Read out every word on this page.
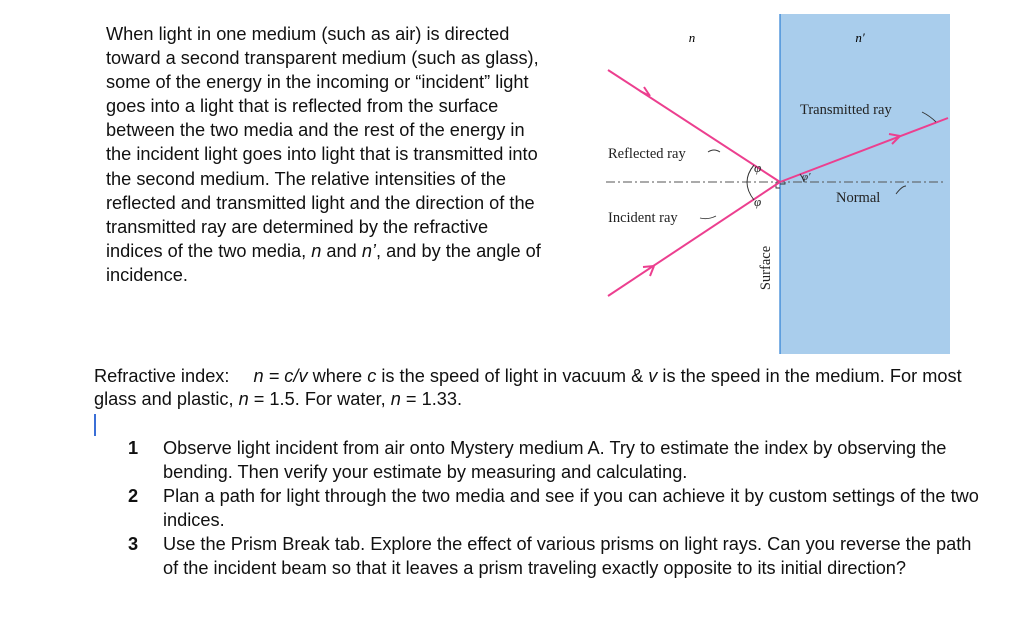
When light in one medium (such as air) is directed toward a second transparent medium (such as glass), some of the energy in the incoming or “incident” light goes into a light that is reflected from the surface between the two media and the rest of the energy in the incident light goes into light that is transmitted into the second medium. The relative intensities of the reflected and transmitted light and the direction of the transmitted ray are determined by the refractive indices of the two media, n and n’, and by the angle of incidence.

n	n′
Reflected ray
Incident ray
Transmitted ray
Normal
φ
φ
φ′
Surface

Refractive index: n = c/v where c is the speed of light in vacuum & v is the speed in the medium. For most glass and plastic, n = 1.5. For water, n = 1.33.

1	Observe light incident from air onto Mystery medium A. Try to estimate the index by observing the bending. Then verify your estimate by measuring and calculating.
2	Plan a path for light through the two media and see if you can achieve it by custom settings of the two indices.
3	Use the Prism Break tab. Explore the effect of various prisms on light rays. Can you reverse the path of the incident beam so that it leaves a prism traveling exactly opposite to its initial direction?
